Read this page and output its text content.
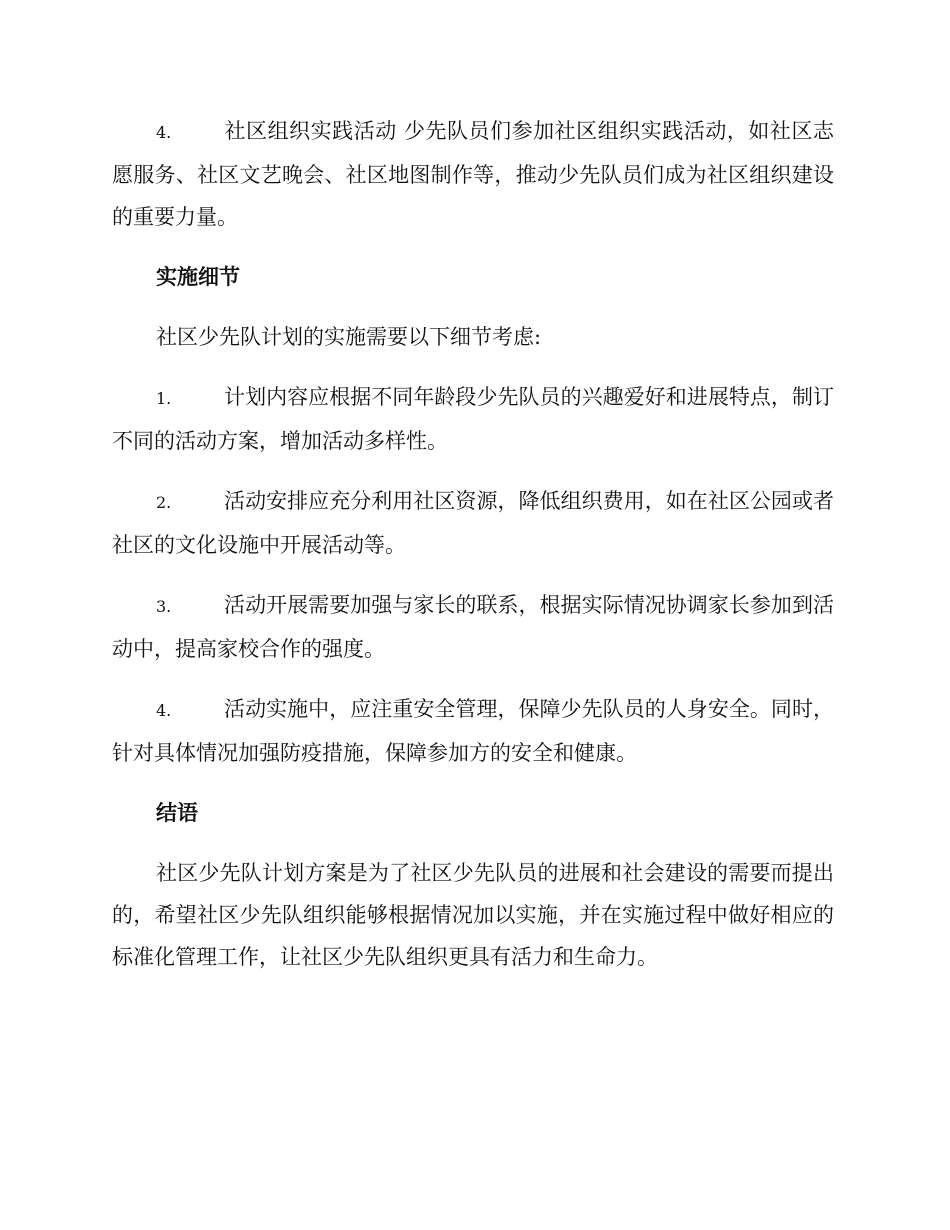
4.	社区组织实践活动 少先队员们参加社区组织实践活动，如社区志愿服务、社区文艺晚会、社区地图制作等，推动少先队员们成为社区组织建设的重要力量。

实施细节

社区少先队计划的实施需要以下细节考虑:

1.	计划内容应根据不同年龄段少先队员的兴趣爱好和进展特点，制订不同的活动方案，增加活动多样性。

2.	活动安排应充分利用社区资源，降低组织费用，如在社区公园或者社区的文化设施中开展活动等。

3.	活动开展需要加强与家长的联系，根据实际情况协调家长参加到活动中，提高家校合作的强度。

4.	活动实施中，应注重安全管理，保障少先队员的人身安全。同时，针对具体情况加强防疫措施，保障参加方的安全和健康。

结语

社区少先队计划方案是为了社区少先队员的进展和社会建设的需要而提出的，希望社区少先队组织能够根据情况加以实施，并在实施过程中做好相应的标准化管理工作，让社区少先队组织更具有活力和生命力。
